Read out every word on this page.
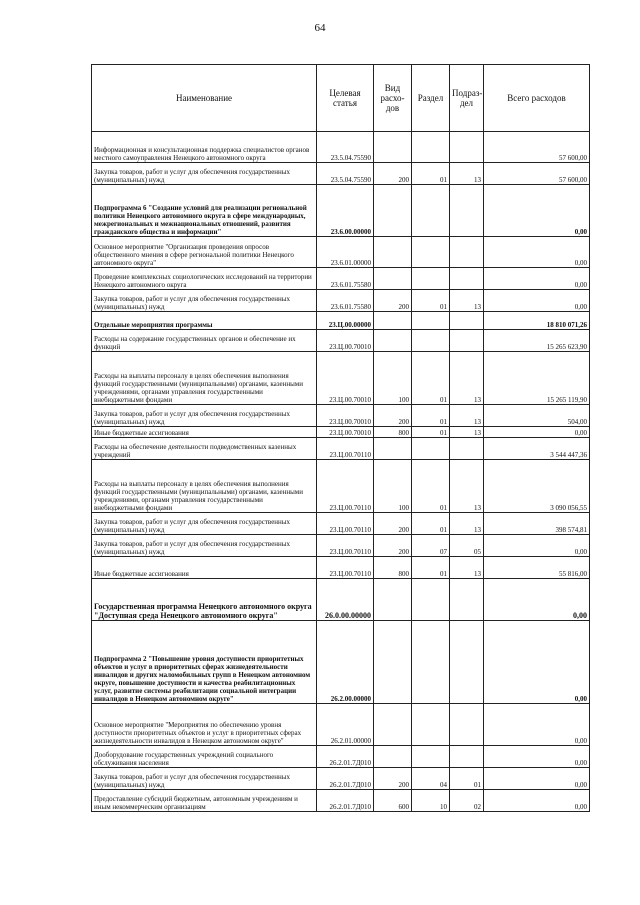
64
Наименование	Целевая статья	Вид расхо-дов	Раздел	Подраз-дел	Всего расходов
Информационная и консультационная поддержка специалистов органов местного самоуправления Ненецкого автономного округа	23.5.04.75590				57 600,00
Закупка товаров, работ и услуг для обеспечения государственных (муниципальных) нужд	23.5.04.75590	200	01	13	57 600,00
Подпрограмма 6 "Создание условий для реализации региональной политики Ненецкого автономного округа в сфере международных, межрегиональных и межнациональных отношений, развития гражданского общества и информации"	23.6.00.00000				0,00
Основное мероприятие "Организация проведения опросов общественного мнения в сфере региональной политики Ненецкого автономного округа"	23.6.01.00000				0,00
Проведение комплексных социологических исследований на территории Ненецкого автономного округа	23.6.01.75580				0,00
Закупка товаров, работ и услуг для обеспечения государственных (муниципальных) нужд	23.6.01.75580	200	01	13	0,00
Отдельные мероприятия программы	23.Ц.00.00000				18 810 071,26
Расходы на содержание государственных органов и обеспечение их функций	23.Ц.00.70010				15 265 623,90
Расходы на выплаты персоналу в целях обеспечения выполнения функций государственными (муниципальными) органами, казенными учреждениями, органами управления государственными внебюджетными фондами	23.Ц.00.70010	100	01	13	15 265 119,90
Закупка товаров, работ и услуг для обеспечения государственных (муниципальных) нужд	23.Ц.00.70010	200	01	13	504,00
Иные бюджетные ассигнования	23.Ц.00.70010	800	01	13	0,00
Расходы на обеспечение деятельности подведомственных казенных учреждений	23.Ц.00.70110				3 544 447,36
Расходы на выплаты персоналу в целях обеспечения выполнения функций государственными (муниципальными) органами, казенными учреждениями, органами управления государственными внебюджетными фондами	23.Ц.00.70110	100	01	13	3 090 056,55
Закупка товаров, работ и услуг для обеспечения государственных (муниципальных) нужд	23.Ц.00.70110	200	01	13	398 574,81
Закупка товаров, работ и услуг для обеспечения государственных (муниципальных) нужд	23.Ц.00.70110	200	07	05	0,00
Иные бюджетные ассигнования	23.Ц.00.70110	800	01	13	55 816,00
Государственная программа Ненецкого автономного округа "Доступная среда Ненецкого автономного округа"	26.0.00.00000				0,00
Подпрограмма 2 "Повышение уровня доступности приоритетных объектов и услуг в приоритетных сферах жизнедеятельности инвалидов и других маломобильных групп в Ненецком автономном округе, повышение доступности и качества реабилитационных услуг, развитие системы реабилитации социальной интеграции инвалидов в Ненецком автономном округе"	26.2.00.00000				0,00
Основное мероприятие "Мероприятия по обеспечению уровня доступности приоритетных объектов и услуг в приоритетных сферах жизнедеятельности инвалидов в Ненецком автономном округе"	26.2.01.00000				0,00
Дооборудование государственных учреждений социального обслуживания населения	26.2.01.7Д010				0,00
Закупка товаров, работ и услуг для обеспечения государственных (муниципальных) нужд	26.2.01.7Д010	200	04	01	0,00
Предоставление субсидий бюджетным, автономным учреждениям и иным некоммерческим организациям	26.2.01.7Д010	600	10	02	0,00
